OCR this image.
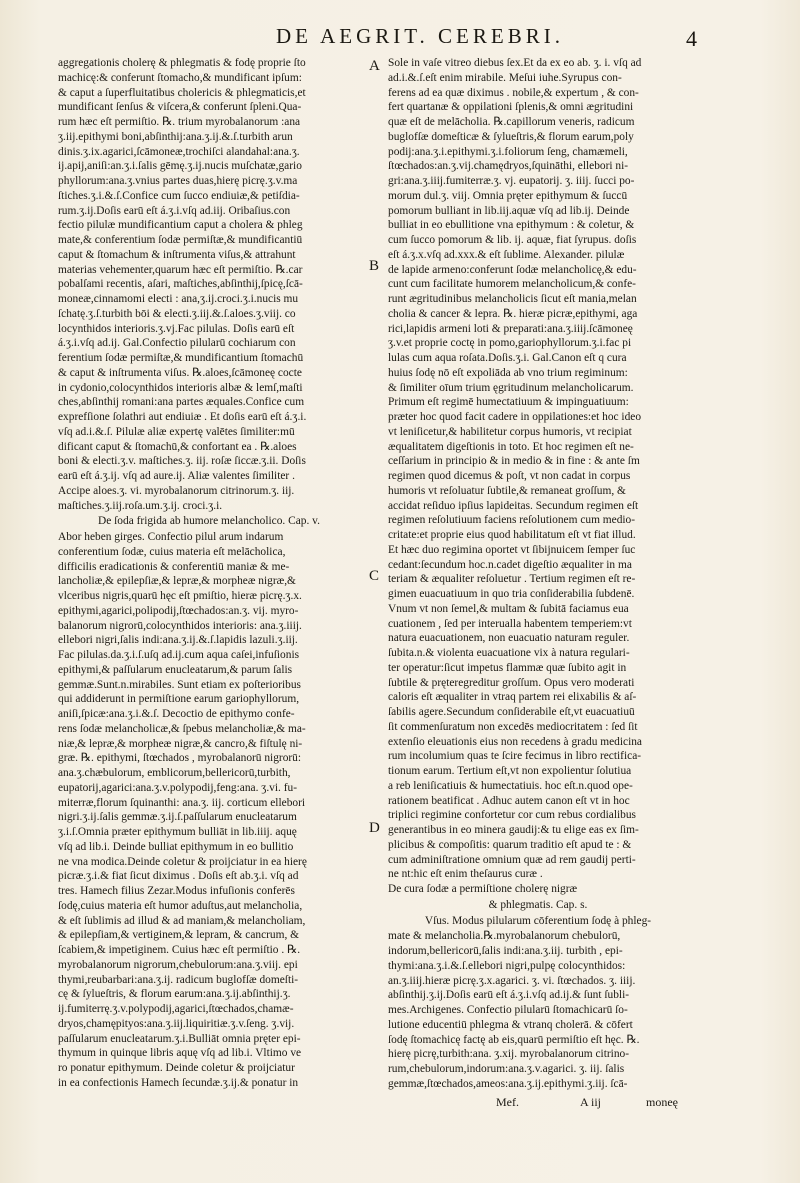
DE AEGRIT. CEREBRI.	4

aggregationis cholerę & phlegmatis & fodę proprie ſto

machicę:& conferunt ſtomacho,& mundificant ipſum:

& caput a ſuperfluitatibus cholericis & phlegmaticis,et

mundificant ſenſus & viſcera,& conferunt ſpleni.Qua-

rum hæc eſt permiſtio. ℞. trium myrobalanorum :ana

ʒ.iij.epithymi boni,abſinthij:ana.ʒ.ij.&.ſ.turbith arun

dinis.ʒ.ix.agarici,ſcāmoneæ,trochiſci alandahal:ana.ʒ.

ij.apij,aniſi:an.ʒ.i.ſalis gēmę.ʒ.ij.nucis muſchatæ,gario

phyllorum:ana.ʒ.vnius partes duas,hierę picrę.ʒ.v.ma

ſtiches.ʒ.i.&.ſ.Confice cum ſucco endiuiæ,& petiſdia-

rum.ʒ.ij.Doſis earū eſt á.ʒ.i.vſq ad.iij. Oribaſius.con

fectio pilulæ mundificantium caput a cholera & phleg

mate,& conferentium ſodæ permiſtæ,& mundificantiū

caput & ſtomachum & inſtrumenta viſus,& attrahunt

materias vehementer,quarum hæc eſt permiſtio. ℞.car

pobalſami recentis, aſari, maſtiches,abſinthij,ſpicę,ſcā-

moneæ,cinnamomi electi : ana,ʒ.ij.croci.ʒ.i.nucis mu

ſchatę.ʒ.ſ.turbith bōi & electi.ʒ.iij.&.ſ.aloes.ʒ.viij. co

locynthidos interioris.ʒ.vj.Fac pilulas. Doſis earū eſt

á.ʒ.i.vſq ad.ij. Gal.Confectio pilularū cochiarum con

ferentium ſodæ permiſtæ,& mundificantium ſtomachū

& caput & inſtrumenta viſus. ℞.aloes,ſcāmoneę cocte

in cydonio,colocynthidos interioris albæ & lemſ,maſti

ches,abſinthij romani:ana partes æquales.Confice cum

exprefſione ſolathri aut endiuiæ . Et doſis earū eſt á.ʒ.i.

vſq ad.i.&.ſ. Pilulæ aliæ expertę valētes ſimiliter:mū

dificant caput & ſtomachū,& confortant ea . ℞.aloes

boni & electi.ʒ.v. maſtiches.ʒ. iij. roſæ ſiccæ.ʒ.ii. Doſis

earū eſt á.ʒ.ij. vſq ad aure.ij. Aliæ valentes ſimiliter .

Accipe aloes.ʒ. vi. myrobalanorum citrinorum.ʒ. iij.

maſtiches.ʒ.iij.roſa.um.ʒ.ij. croci.ʒ.i.

De ſoda frigida ab humore melancholico. Cap. v.

Abor heben girges. Confectio pilul arum indarum

conferentium ſodæ, cuius materia eſt melācholica,

difficilis eradicationis & conferentiū maniæ & me-

lancholiæ,& epilepſiæ,& lepræ,& morpheæ nigræ,&

vlceribus nigris,quarū hęc eſt pmiſtio, hieræ picrę.ʒ.x.

epithymi,agarici,polipodij,ſtœchados:an.ʒ. vij. myro-

balanorum nigrorū,colocynthidos interioris: ana.ʒ.iiij.

ellebori nigri,ſalis indi:ana.ʒ.ij.&.ſ.lapidis lazuli.ʒ.iij.

Fac pilulas.da.ʒ.i.ſ.uſq ad.ij.cum aqua caſei,infuſionis

epithymi,& paſſularum enucleatarum,& parum ſalis

gemmæ.Sunt.n.mirabiles. Sunt etiam ex poſterioribus

qui addiderunt in permiſtione earum gariophyllorum,

aniſi,ſpicæ:ana.ʒ.i.&.ſ. Decoctio de epithymo confe-

rens ſodæ melancholicæ,& ſpebus melancholiæ,& ma-

niæ,& lepræ,& morpheæ nigræ,& cancro,& fiſtulę ni-

græ. ℞. epithymi, ſtœchados , myrobalanorū nigrorū:

ana.ʒ.chæbulorum, emblicorum,bellericorū,turbith,

eupatorij,agarici:ana.ʒ.v.polypodij,feng:ana. ʒ.vi. fu-

miterræ,florum ſquinanthi: ana.ʒ. iij. corticum ellebori

nigri.ʒ.ij.ſalis gemmæ.ʒ.ij.ſ.paſſularum enucleatarum

ʒ.i.ſ.Omnia præter epithymum bulliāt in lib.iiij. aquę

vſq ad lib.i. Deinde bulliat epithymum in eo bullitio

ne vna modica.Deinde coletur & proijciatur in ea hierę

picræ.ʒ.i.& fiat ſicut diximus . Doſis eſt ab.ʒ.i. vſq ad

tres. Hamech filius Zezar.Modus infuſionis conferēs

ſodę,cuius materia eſt humor aduſtus,aut melancholia,

& eſt ſublimis ad illud & ad maniam,& melancholiam,

& epilepſiam,& vertiginem,& lepram, & cancrum, &

ſcabiem,& impetiginem. Cuius hæc eſt permiſtio . ℞.

myrobalanorum nigrorum,chebulorum:ana.ʒ.viij. epi

thymi,reubarbari:ana.ʒ.ij. radicum buglofſæ domeſti-

cę & ſylueſtris, & florum earum:ana.ʒ.ij.abſinthij.ʒ.

ij.fumiterrę.ʒ.v.polypodij,agarici,ſtœchados,chamæ-

dryos,chamępityos:ana.ʒ.iij.liquiritiæ.ʒ.v.ſeng. ʒ.vij.

paſſularum enucleatarum.ʒ.i.Bulliāt omnia pręter epi-

thymum in quinque libris aquę vſq ad lib.i. Vltimo ve

ro ponatur epithymum. Deinde coletur & proijciatur

in ea confectionis Hamech ſecundæ.ʒ.ij.& ponatur in

Sole in vaſe vitreo diebus ſex.Et da ex eo ab. ʒ. i. vſq ad

ad.i.&.ſ.eſt enim mirabile. Meſui iuhe.Syrupus con-

ferens ad ea quæ diximus . nobile,& expertum , & con-

fert quartanæ & oppilationi ſplenis,& omni ægritudini

quæ eſt de melācholia. ℞.capillorum veneris, radicum

buglofſæ domeſticæ & ſylueſtris,& florum earum,poly

podij:ana.ʒ.i.epithymi.ʒ.i.foliorum ſeng, chamæmeli,

ſtœchados:an.ʒ.vij.chamędryos,ſquināthi, ellebori ni-

gri:ana.ʒ.iiij.fumiterræ.ʒ. vj. eupatorij. ʒ. iiij. ſucci po-

morum dul.ʒ. viij. Omnia pręter epithymum & ſuccū

pomorum bulliant in lib.iij.aquæ vſq ad lib.ij. Deinde

bulliat in eo ebullitione vna epithymum : & coletur, &

cum ſucco pomorum & lib. ij. aquæ, fiat ſyrupus. doſis

eſt á.ʒ.x.vſq ad.xxx.& eſt ſublime. Alexander. pilulæ

de lapide armeno:conferunt ſodæ melancholicę,& edu-

cunt cum facilitate humorem melancholicum,& confe-

runt ægritudinibus melancholicis ſicut eſt mania,melan

cholia & cancer & lepra. ℞. hieræ picræ,epithymi, aga

rici,lapidis armeni loti & preparati:ana.ʒ.iiij.ſcāmoneę

ʒ.v.et proprie coctę in pomo,gariophyllorum.ʒ.i.fac pi

lulas cum aqua roſata.Doſis.ʒ.i. Gal.Canon eſt q cura

huius ſodę nō eſt expoliāda ab vno trium regiminum:

& ſimiliter oīum trium ęgritudinum melancholicarum.

Primum eſt regimē humectatiuum & impinguatiuum:

præter hoc quod facit cadere in oppilationes:et hoc ideo

vt leniſicetur,& habilitetur corpus humoris, vt recipiat

æqualitatem digeſtionis in toto. Et hoc regimen eſt ne-

ceſſarium in principio & in medio & in fine : & ante ſm

regimen quod dicemus & poſt, vt non cadat in corpus

humoris vt reſoluatur ſubtile,& remaneat groſſum, &

accidat reſiduo ipſius lapideitas. Secundum regimen eſt

regimen reſolutiuum faciens reſolutionem cum medio-

critate:et proprie eius quod habilitatum eſt vt fiat illud.

Et hæc duo regimina oportet vt ſibijnuicem ſemper ſuc

cedant:ſecundum hoc.n.cadet digeſtio æqualiter in ma

teriam & æqualiter reſoluetur . Tertium regimen eſt re-

gimen euacuatiuum in quo tria conſiderabilia ſubdenē.

Vnum vt non ſemel,& multam & ſubitā faciamus eua

cuationem , ſed per interualla habentem temperiem:vt

natura euacuationem, non euacuatio naturam reguler.

ſubita.n.& violenta euacuatione vix à natura regulari-

ter operatur:ſicut impetus flammæ quæ ſubito agit in

ſubtile & pręteregreditur groſſum. Opus vero moderati

caloris eſt æqualiter in vtraq partem rei elixabilis & aſ-

ſabilis agere.Secundum conſiderabile eſt,vt euacuatiuū

ſit commenſuratum non excedēs mediocritatem : ſed ſit

extenſio eleuationis eius non recedens à gradu medicina

rum incolumium quas te ſcire fecimus in libro rectifica-

tionum earum. Tertium eſt,vt non expolientur ſolutiua

a reb leniſicatiuis & humectatiuis. hoc eſt.n.quod ope-

rationem beatificat . Adhuc autem canon eſt vt in hoc

triplici regimine confortetur cor cum rebus cordialibus

generantibus in eo minera gaudij:& tu elige eas ex ſim-

plicibus & compoſitis: quarum traditio eſt apud te : &

cum adminiſtratione omnium quæ ad rem gaudij perti-

ne nt:hic eſt enim theſaurus curæ .

De cura ſodæ a permiſtione cholerę nigræ

& phlegmatis. Cap. s.

Vſus. Modus pilularum cōferentium ſodę à phleg-

mate & melancholia.℞.myrobalanorum chebulorū,

indorum,bellericorū,ſalis indi:ana.ʒ.iij. turbith , epi-

thymi:ana.ʒ.i.&.ſ.ellebori nigri,pulpę colocynthidos:

an.ʒ.iiij.hieræ picrę.ʒ.x.agarici. ʒ. vi. ſtœchados. ʒ. iiij.

abſinthij.ʒ.ij.Doſis earū eſt á.ʒ.i.vſq ad.ij.& ſunt ſubli-

mes.Archigenes. Confectio pilularū ſtomachicarū ſo-

lutione educentiū phlegma & vtranq cholerā. & cōfert

ſodę ſtomachicę factę ab eis,quarū permiſtio eſt hęc. ℞.

hierę picrę,turbith:ana. ʒ.xij. myrobalanorum citrino-

rum,chebulorum,indorum:ana.ʒ.v.agarici. ʒ. iij. ſalis

gemmæ,ſtœchados,ameos:ana.ʒ.ij.epithymi.ʒ.iij. ſcā-

A
B
C
D
Mef.	A iij	moneę
